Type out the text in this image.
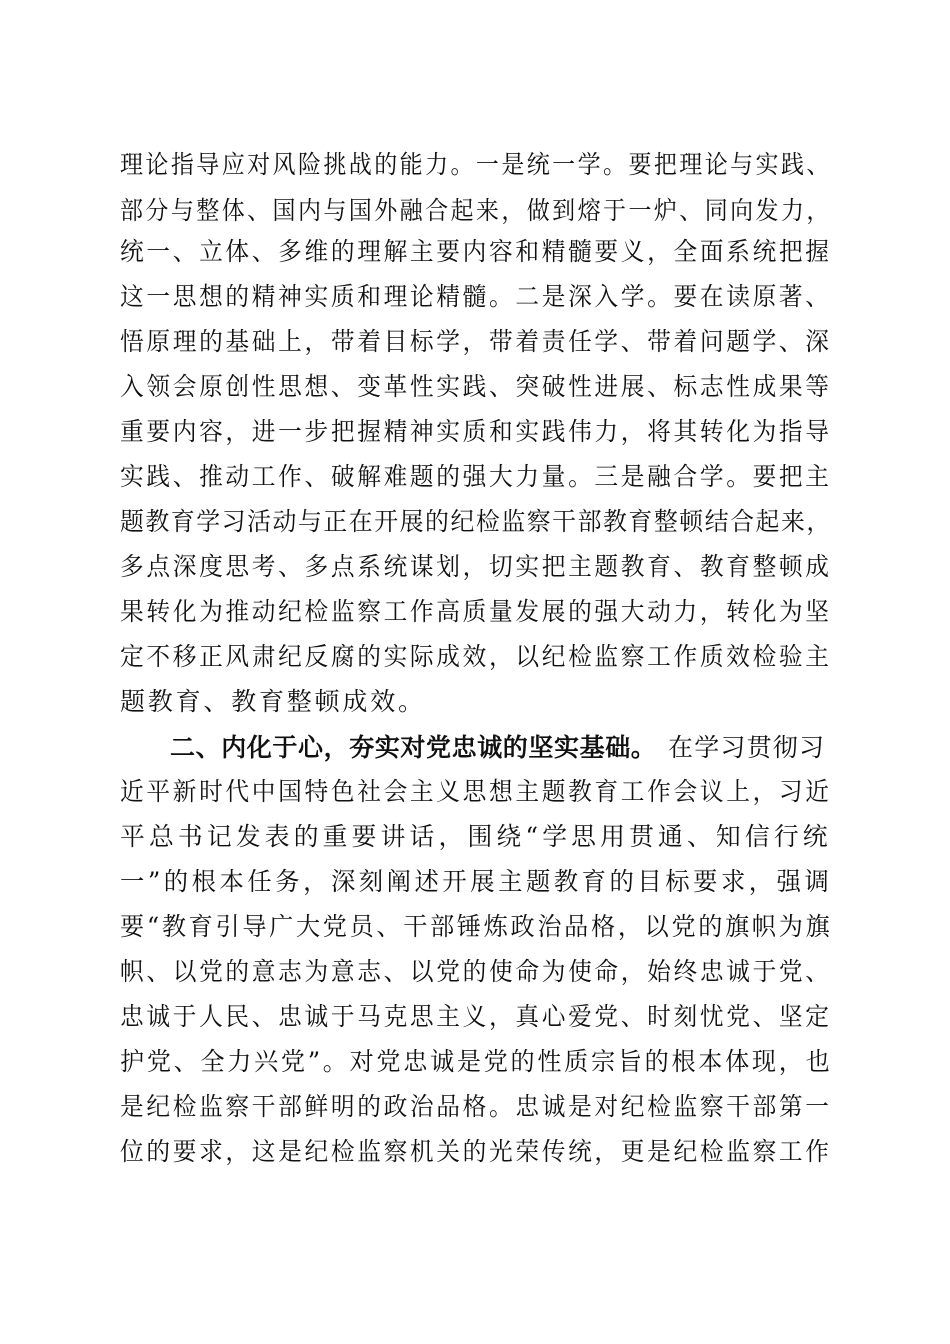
理论指导应对风险挑战的能力。一是统一学。要把理论与实践、
部分与整体、国内与国外融合起来，做到熔于一炉、同向发力，
统一、立体、多维的理解主要内容和精髓要义，全面系统把握
这一思想的精神实质和理论精髓。二是深入学。要在读原著、
悟原理的基础上，带着目标学，带着责任学、带着问题学、深
入领会原创性思想、变革性实践、突破性进展、标志性成果等
重要内容，进一步把握精神实质和实践伟力，将其转化为指导
实践、推动工作、破解难题的强大力量。三是融合学。要把主
题教育学习活动与正在开展的纪检监察干部教育整顿结合起来，
多点深度思考、多点系统谋划，切实把主题教育、教育整顿成
果转化为推动纪检监察工作高质量发展的强大动力，转化为坚
定不移正风肃纪反腐的实际成效，以纪检监察工作质效检验主
题教育、教育整顿成效。
二、内化于心，夯实对党忠诚的坚实基础。 在学习贯彻习
近平新时代中国特色社会主义思想主题教育工作会议上，习近
平总书记发表的重要讲话，围绕“学思用贯通、知信行统
一”的根本任务，深刻阐述开展主题教育的目标要求，强调
要“教育引导广大党员、干部锤炼政治品格，以党的旗帜为旗
帜、以党的意志为意志、以党的使命为使命，始终忠诚于党、
忠诚于人民、忠诚于马克思主义，真心爱党、时刻忧党、坚定
护党、全力兴党”。对党忠诚是党的性质宗旨的根本体现，也
是纪检监察干部鲜明的政治品格。忠诚是对纪检监察干部第一
位的要求，这是纪检监察机关的光荣传统，更是纪检监察工作
